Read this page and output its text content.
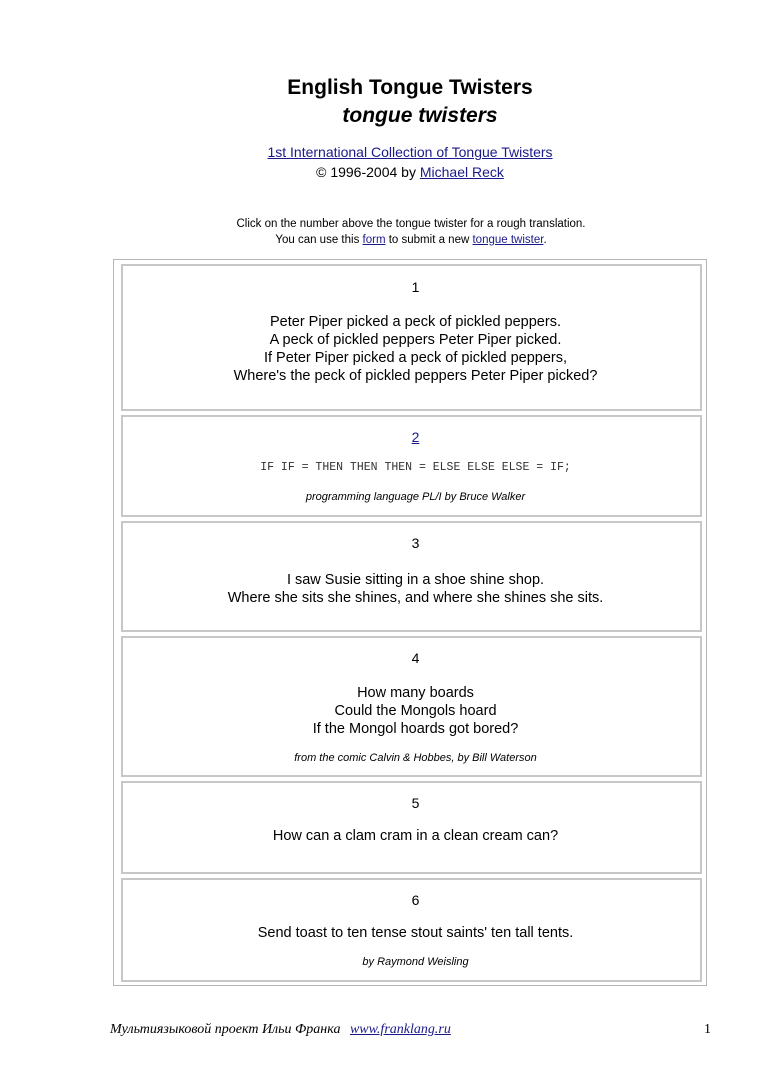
English Tongue Twisters
tongue twisters
1st International Collection of Tongue Twisters
© 1996-2004 by Michael Reck
Click on the number above the tongue twister for a rough translation.
You can use this form to submit a new tongue twister.
1
Peter Piper picked a peck of pickled peppers.
A peck of pickled peppers Peter Piper picked.
If Peter Piper picked a peck of pickled peppers,
Where's the peck of pickled peppers Peter Piper picked?
2
IF IF = THEN THEN THEN = ELSE ELSE ELSE = IF;
programming language PL/I by Bruce Walker
3
I saw Susie sitting in a shoe shine shop.
Where she sits she shines, and where she shines she sits.
4
How many boards
Could the Mongols hoard
If the Mongol hoards got bored?
from the comic Calvin & Hobbes, by Bill Waterson
5
How can a clam cram in a clean cream can?
6
Send toast to ten tense stout saints' ten tall tents.
by Raymond Weisling
Мультиязыковой проект Ильи Франка www.franklang.ru	1
